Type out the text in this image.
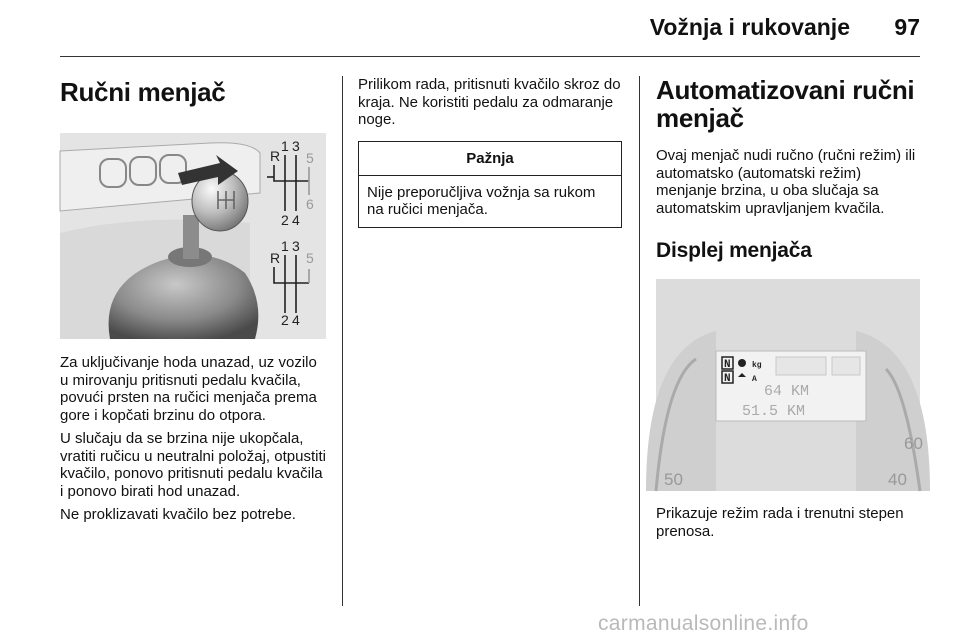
Vožnja i rukovanje	97
Ručni menjač
R
1 3
5
2 4
6
R
1 3
5
2 4

Za uključivanje hoda unazad, uz vozilo u mirovanju pritisnuti pedalu kvačila, povući prsten na ručici menjača prema gore i kopčati brzinu do otpora.

U slučaju da se brzina nije ukopčala, vratiti ručicu u neutralni položaj, otpustiti kvačilo, ponovo pritisnuti pedalu kvačila i ponovo birati hod unazad.

Ne proklizavati kvačilo bez potrebe.

Prilikom rada, pritisnuti kvačilo skroz do kraja. Ne koristiti pedalu za odmaranje noge.

Pažnja
Nije preporučljiva vožnja sa rukom na ručici menjača.
Automatizovani ručni menjač

Ovaj menjač nudi ručno (ručni režim) ili automatsko (automatski režim) menjanje brzina, u oba slučaja sa automatskim upravljanjem kvačila.

Displej menjača
N
N
kg
A
64 KM
51.5 KM
50	40
60

Prikazuje režim rada i trenutni stepen prenosa.

carmanualsonline.info
